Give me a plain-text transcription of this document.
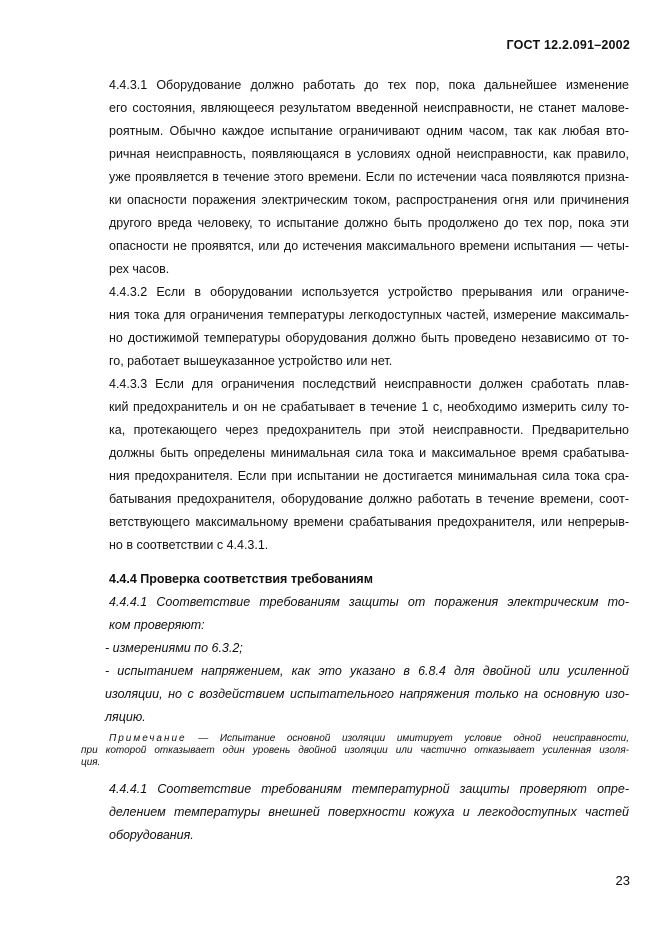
ГОСТ 12.2.091–2002

4.4.3.1 Оборудование должно работать до тех пор, пока дальнейшее изменение
его состояния, являющееся результатом введенной неисправности, не станет малове-
роятным. Обычно каждое испытание ограничивают одним часом, так как любая вто-
ричная неисправность, появляющаяся в условиях одной неисправности, как правило,
уже проявляется в течение этого времени. Если по истечении часа появляются призна-
ки опасности поражения электрическим током, распространения огня или причинения
другого вреда человеку, то испытание должно быть продолжено до тех пор, пока эти
опасности не проявятся, или до истечения максимального времени испытания — четы-
рех часов.

4.4.3.2 Если в оборудовании используется устройство прерывания или ограниче-
ния тока для ограничения температуры легкодоступных частей, измерение максималь-
но достижимой температуры оборудования должно быть проведено независимо от то-
го, работает вышеуказанное устройство или нет.

4.4.3.3 Если для ограничения последствий неисправности должен сработать плав-
кий предохранитель и он не срабатывает в течение 1 с, необходимо измерить силу то-
ка, протекающего через предохранитель при этой неисправности. Предварительно
должны быть определены минимальная сила тока и максимальное время срабатыва-
ния предохранителя. Если при испытании не достигается минимальная сила тока сра-
батывания предохранителя, оборудование должно работать в течение времени, соот-
ветствующего максимальному времени срабатывания предохранителя, или непрерыв-
но в соответствии с 4.4.3.1.

4.4.4 Проверка соответствия требованиям

4.4.4.1 Соответствие требованиям защиты от поражения электрическим то-
ком проверяют:

- измерениями по 6.3.2;

- испытанием напряжением, как это указано в 6.8.4 для двойной или усиленной
изоляции, но с воздействием испытательного напряжения только на основную изо-
ляцию.

Примечание — Испытание основной изоляции имитирует условие одной неисправности,
при которой отказывает один уровень двойной изоляции или частично отказывает усиленная изоля-
ция.

4.4.4.1 Соответствие требованиям температурной защиты проверяют опре-
делением температуры внешней поверхности кожуха и легкодоступных частей
оборудования.

23
